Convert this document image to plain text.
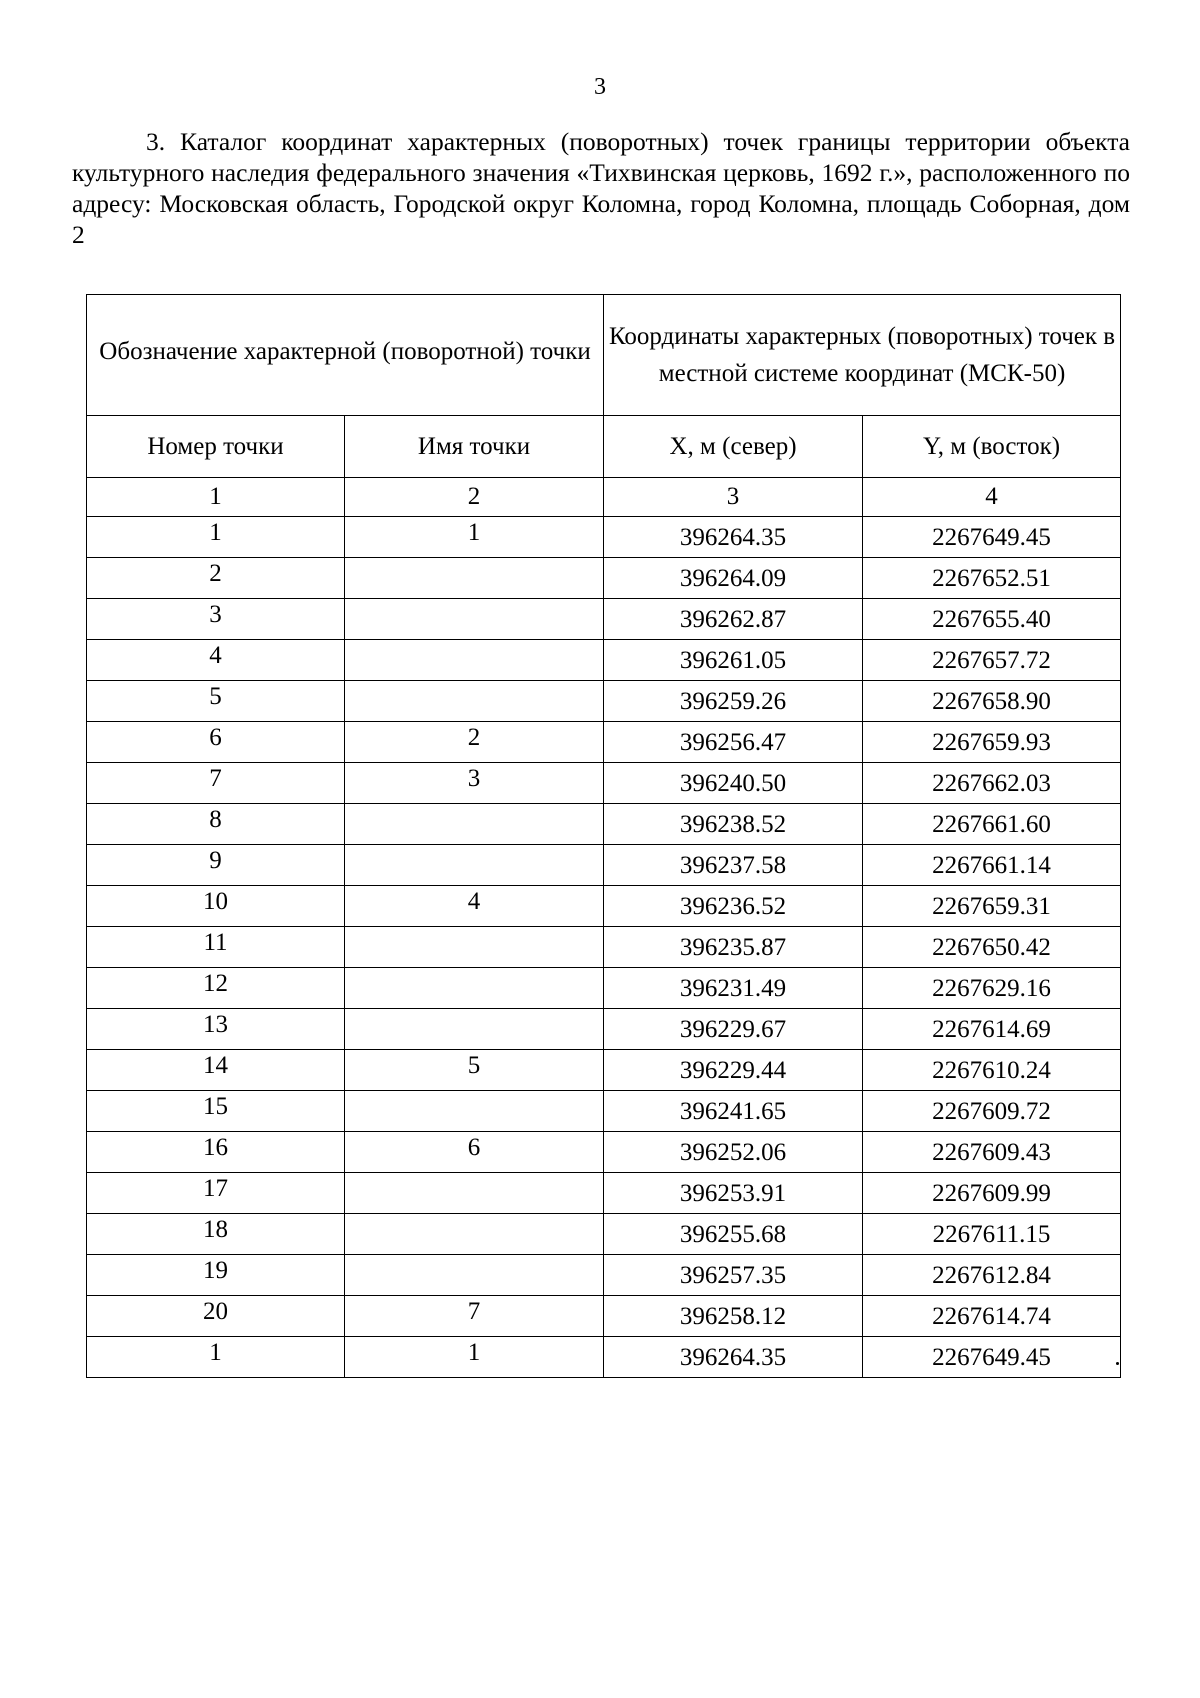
3

3. Каталог координат характерных (поворотных) точек границы территории объекта культурного наследия федерального значения «Тихвинская церковь, 1692 г.», расположенного по адресу: Московская область, Городской округ Коломна, город Коломна, площадь Соборная, дом 2

Обозначение характерной (поворотной) точки		Координаты характерных (поворотных) точек в местной системе координат (МСК-50)	
Номер точки	Имя точки	X, м (север)	Y, м (восток)
1	2	3	4
1	1	396264.35	2267649.45
2		396264.09	2267652.51
3		396262.87	2267655.40
4		396261.05	2267657.72
5		396259.26	2267658.90
6	2	396256.47	2267659.93
7	3	396240.50	2267662.03
8		396238.52	2267661.60
9		396237.58	2267661.14
10	4	396236.52	2267659.31
11		396235.87	2267650.42
12		396231.49	2267629.16
13		396229.67	2267614.69
14	5	396229.44	2267610.24
15		396241.65	2267609.72
16	6	396252.06	2267609.43
17		396253.91	2267609.99
18		396255.68	2267611.15
19		396257.35	2267612.84
20	7	396258.12	2267614.74
1	1	396264.35	2267649.45
